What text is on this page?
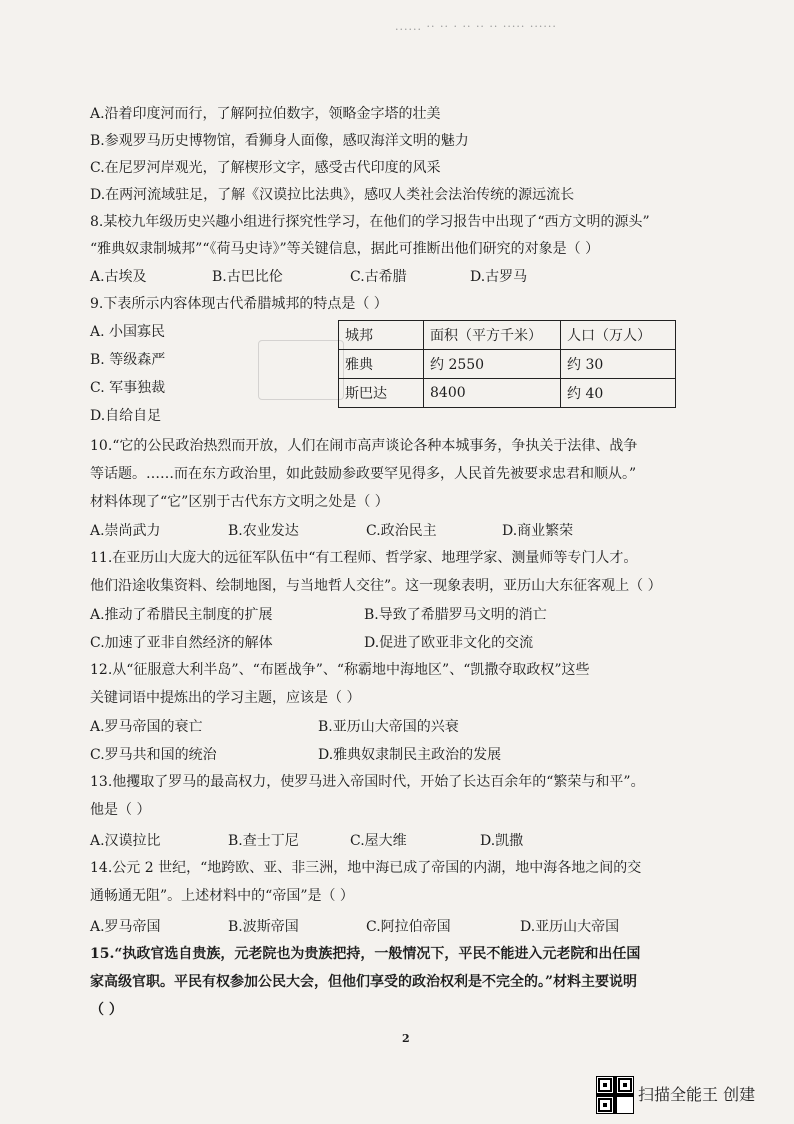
...... ·· ·· · ·· ·· ·· ····· ······
A.沿着印度河而行，了解阿拉伯数字，领略金字塔的壮美
B.参观罗马历史博物馆，看狮身人面像，感叹海洋文明的魅力
C.在尼罗河岸观光，了解楔形文字，感受古代印度的风采
D.在两河流域驻足，了解《汉谟拉比法典》，感叹人类社会法治传统的源远流长
8.某校九年级历史兴趣小组进行探究性学习，在他们的学习报告中出现了“西方文明的源头”
“雅典奴隶制城邦”“《荷马史诗》”等关键信息，据此可推断出他们研究的对象是（ ）
A.古埃及	B.古巴比伦	C.古希腊	D.古罗马
9.下表所示内容体现古代希腊城邦的特点是（ ）
A. 小国寡民
B. 等级森严
C. 军事独裁
D.自给自足
城邦	面积（平方千米）	人口（万人）
雅典	约 2550	约 30
斯巴达	8400	约 40
10.“它的公民政治热烈而开放，人们在闹市高声谈论各种本城事务，争执关于法律、战争
等话题。……而在东方政治里，如此鼓励参政要罕见得多，人民首先被要求忠君和顺从。”
材料体现了“它”区别于古代东方文明之处是（ ）
A.崇尚武力	B.农业发达	C.政治民主	D.商业繁荣
11.在亚历山大庞大的远征军队伍中“有工程师、哲学家、地理学家、测量师等专门人才。
他们沿途收集资料、绘制地图，与当地哲人交往”。这一现象表明，亚历山大东征客观上（ ）
A.推动了希腊民主制度的扩展	B.导致了希腊罗马文明的消亡
C.加速了亚非自然经济的解体	D.促进了欧亚非文化的交流
12.从“征服意大利半岛”、“布匿战争”、“称霸地中海地区”、“凯撒夺取政权”这些
关键词语中提炼出的学习主题，应该是（ ）
A.罗马帝国的衰亡	B.亚历山大帝国的兴衰
C.罗马共和国的统治	D.雅典奴隶制民主政治的发展
13.他攫取了罗马的最高权力，使罗马进入帝国时代，开始了长达百余年的“繁荣与和平”。
他是（ ）
A.汉谟拉比	B.查士丁尼	C.屋大维	D.凯撒
14.公元 2 世纪，“地跨欧、亚、非三洲，地中海已成了帝国的内湖，地中海各地之间的交
通畅通无阻”。上述材料中的“帝国”是（ ）
A.罗马帝国	B.波斯帝国	C.阿拉伯帝国	D.亚历山大帝国
15.“执政官选自贵族，元老院也为贵族把持，一般情况下，平民不能进入元老院和出任国
家高级官职。平民有权参加公民大会，但他们享受的政治权利是不完全的。”材料主要说明
（ ）
2
扫描全能王 创建
